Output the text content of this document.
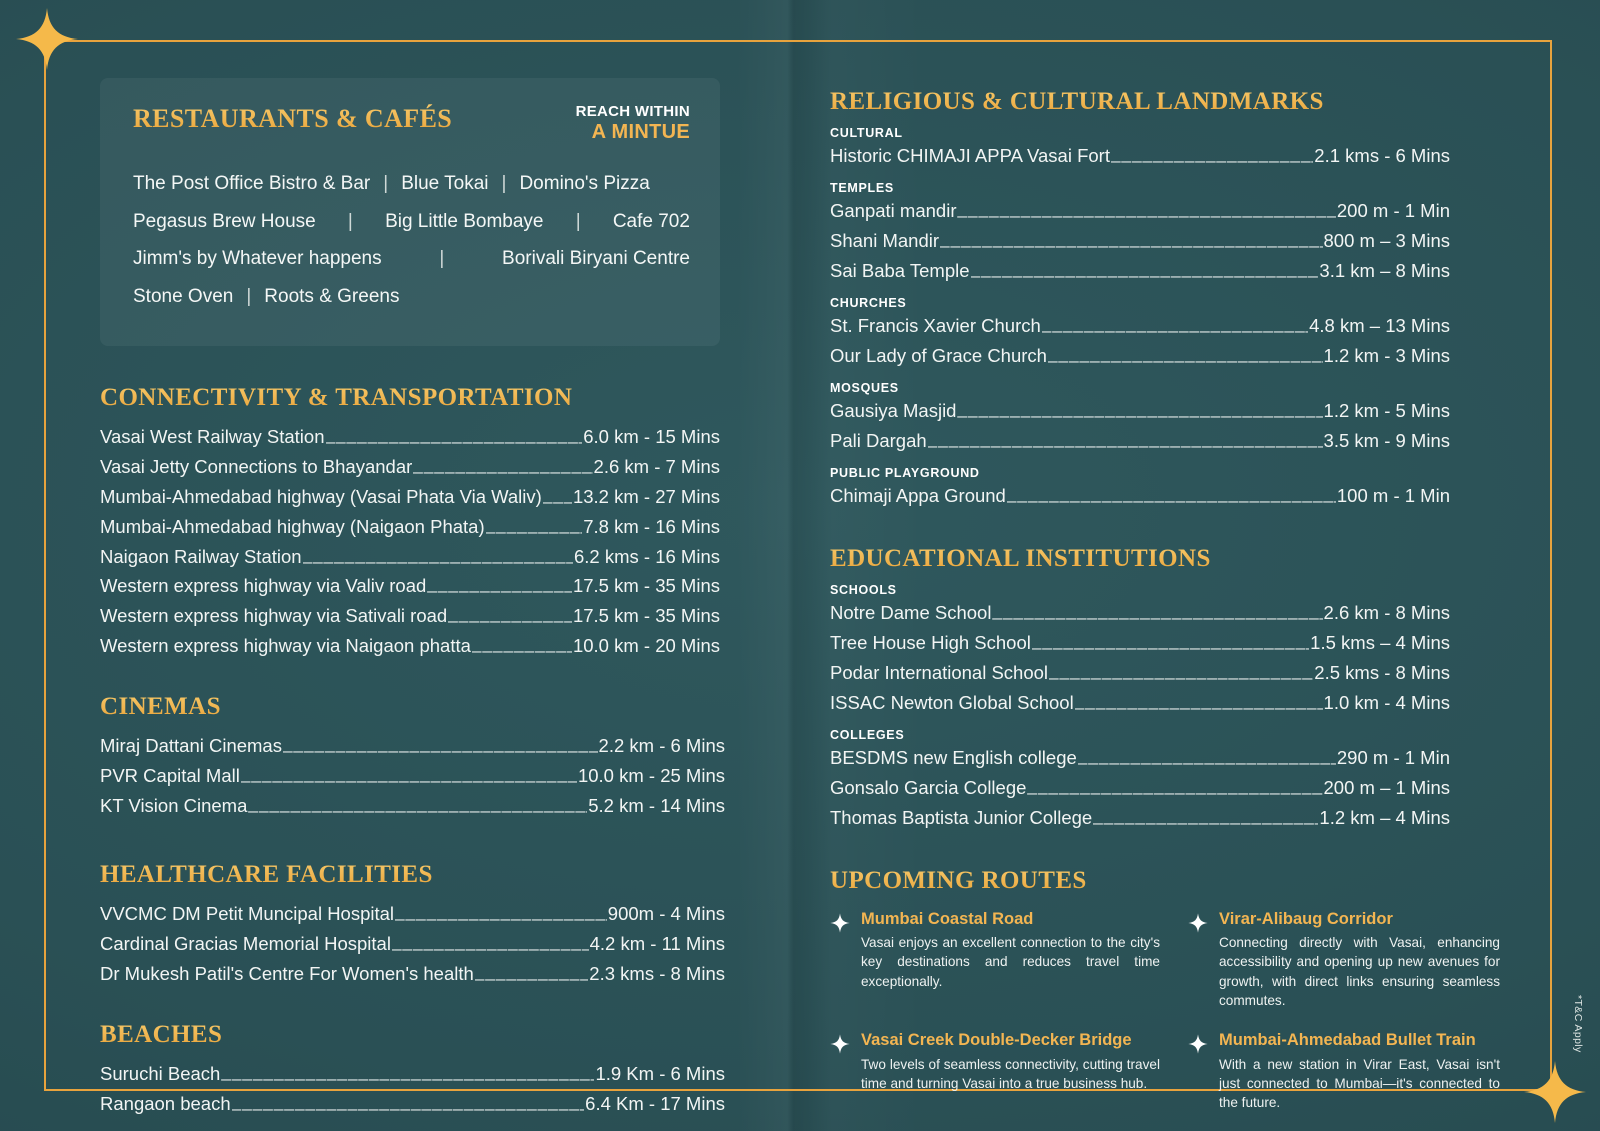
RESTAURANTS & CAFÉS	REACH WITHIN
A MINTUE
The Post Office Bistro & Bar | Blue Tokai | Domino's Pizza
Pegasus Brew House | Big Little Bombaye | Cafe 702
Jimm's by Whatever happens	|	Borivali Biryani Centre
Stone Oven | Roots & Greens
CONNECTIVITY & TRANSPORTATION
Vasai West Railway Station _____	6.0 km - 15 Mins
Vasai Jetty Connections to Bhayandar _____	2.6 km - 7 Mins
Mumbai-Ahmedabad highway (Vasai Phata Via Waliv) _____ 13.2 km - 27 Mins
Mumbai-Ahmedabad highway (Naigaon Phata) _____	7.8 km - 16 Mins
Naigaon Railway Station _____	6.2 kms - 16 Mins
Western express highway via Valiv road _____	17.5 km - 35 Mins
Western express highway via Sativali road _____	17.5 km - 35 Mins
Western express highway via Naigaon phatta _____	10.0 km - 20 Mins
CINEMAS
Miraj Dattani Cinemas _____	2.2 km - 6 Mins
PVR Capital Mall _____	10.0 km - 25 Mins
KT Vision Cinema _____	5.2 km - 14 Mins
HEALTHCARE FACILITIES
VVCMC DM Petit Muncipal Hospital _____	900m - 4 Mins
Cardinal Gracias Memorial Hospital _____	4.2 km - 11 Mins
Dr Mukesh Patil's Centre For Women's health _____	2.3 kms - 8 Mins
BEACHES
Suruchi Beach _____	1.9 Km - 6 Mins
Rangaon beach _____	6.4 Km - 17 Mins
RELIGIOUS & CULTURAL LANDMARKS
CULTURAL
Historic CHIMAJI APPA Vasai Fort _____	2.1 kms - 6 Mins
TEMPLES
Ganpati mandir _____	200 m - 1 Min
Shani Mandir _____	800 m – 3 Mins
Sai Baba Temple _____	3.1 km – 8 Mins
CHURCHES
St. Francis Xavier Church _____	4.8 km – 13 Mins
Our Lady of Grace Church _____	1.2 km - 3 Mins
MOSQUES
Gausiya Masjid _____	1.2 km - 5 Mins
Pali Dargah _____	3.5 km - 9 Mins
PUBLIC PLAYGROUND
Chimaji Appa Ground _____	100 m - 1 Min
EDUCATIONAL INSTITUTIONS
SCHOOLS
Notre Dame School _____	2.6 km - 8 Mins
Tree House High School _____	1.5 kms – 4 Mins
Podar International School _____	2.5 kms - 8 Mins
ISSAC Newton Global School _____	1.0 km - 4 Mins
COLLEGES
BESDMS new English college _____	290 m - 1 Min
Gonsalo Garcia College _____	200 m – 1 Mins
Thomas Baptista Junior College _____	1.2 km – 4 Mins
UPCOMING ROUTES
Mumbai Coastal Road

Vasai enjoys an excellent connection to the city's key destinations and reduces travel time exceptionally.

Virar-Alibaug Corridor

Connecting directly with Vasai, enhancing accessibility and opening up new avenues for growth, with direct links ensuring seamless commutes.

Vasai Creek Double-Decker Bridge

Two levels of seamless connectivity, cutting travel time and turning Vasai into a true business hub.

Mumbai-Ahmedabad Bullet Train

With a new station in Virar East, Vasai isn't just connected to Mumbai—it's connected to the future.

*T&C Apply
